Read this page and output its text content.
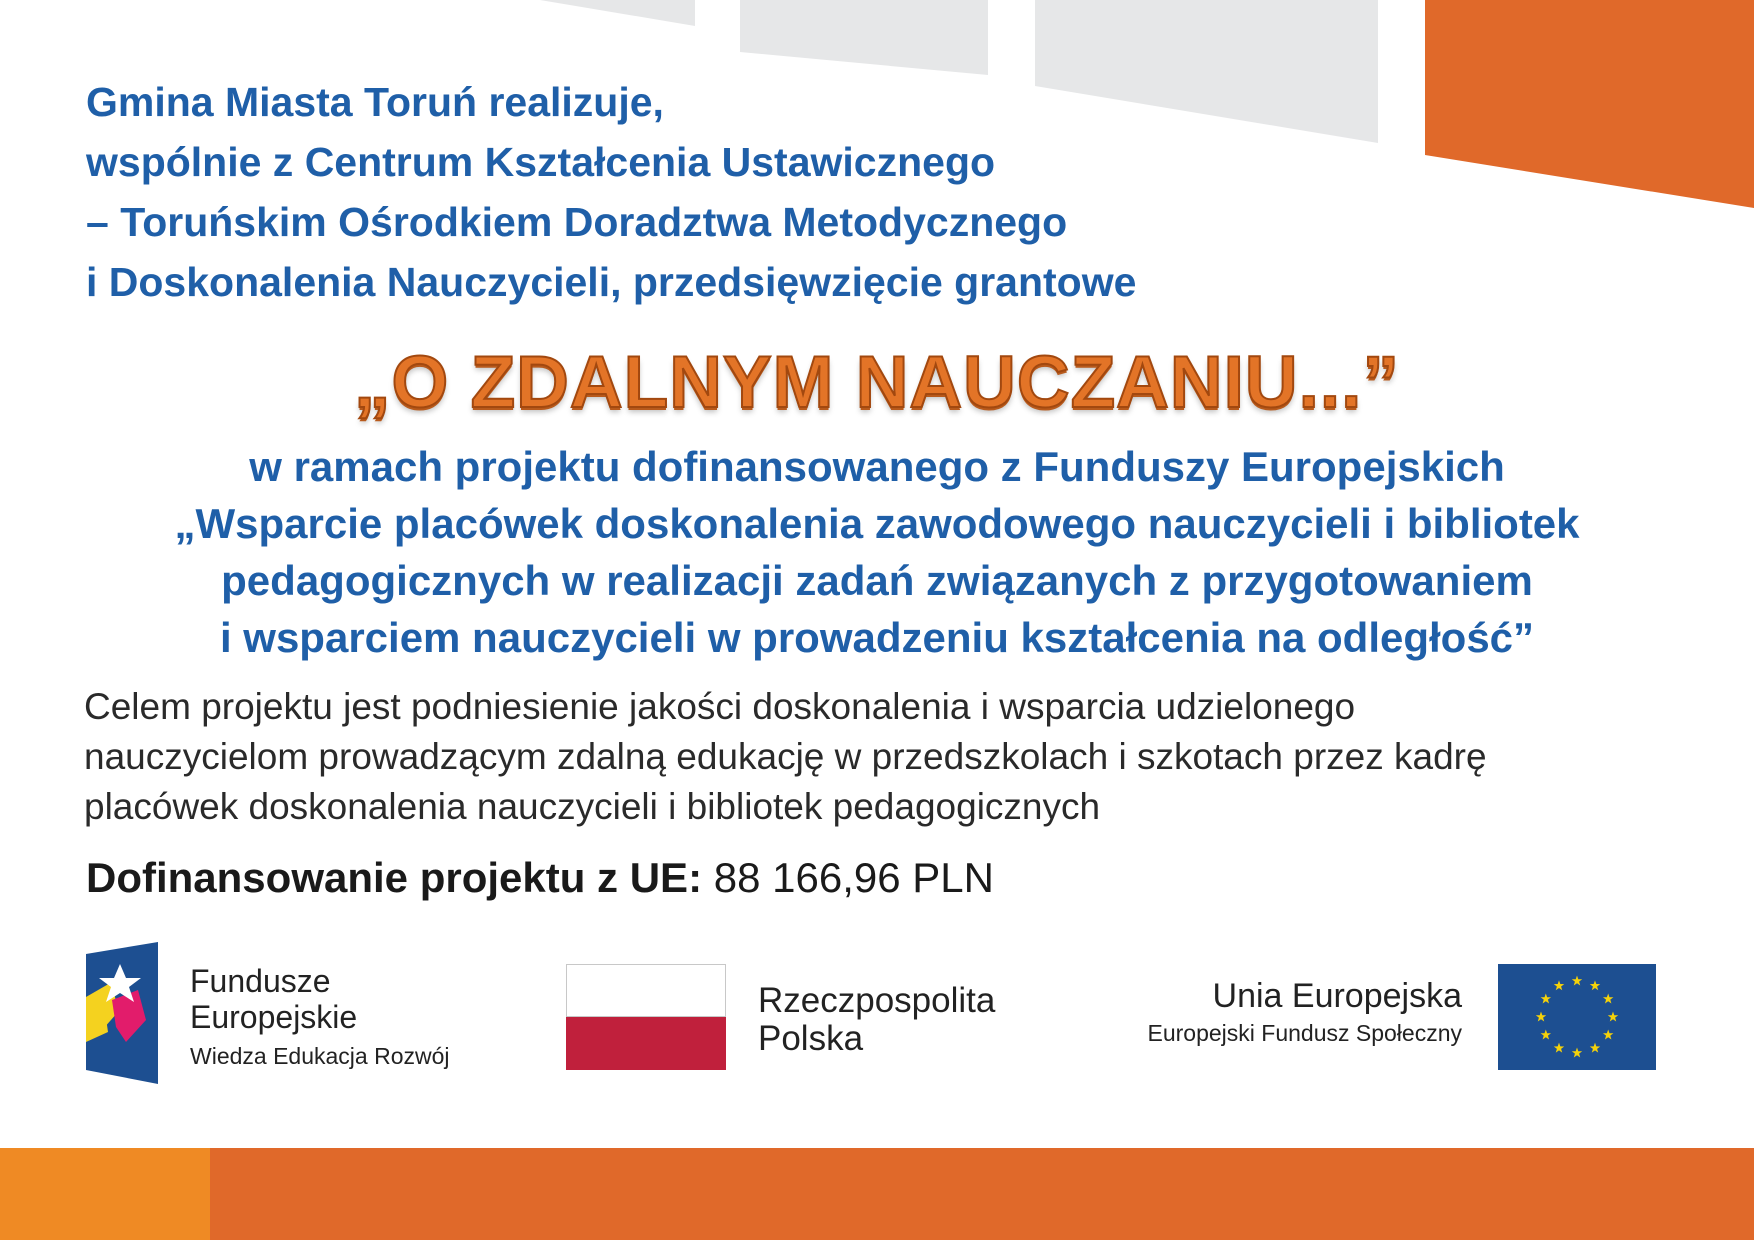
Gmina Miasta Toruń realizuje,
wspólnie z Centrum Kształcenia Ustawicznego
– Toruńskim Ośrodkiem Doradztwa Metodycznego
i Doskonalenia Nauczycieli, przedsięwzięcie grantowe
„O ZDALNYM NAUCZANIU...”
w ramach projektu dofinansowanego z Funduszy Europejskich
„Wsparcie placówek doskonalenia zawodowego nauczycieli i bibliotek
pedagogicznych w realizacji zadań związanych z przygotowaniem
i wsparciem nauczycieli w prowadzeniu kształcenia na odległość”
Celem projektu jest podniesienie jakości doskonalenia i wsparcia udzielonego
nauczycielom prowadzącym zdalną edukację w przedszkolach i szkotach przez kadrę
placówek doskonalenia nauczycieli i bibliotek pedagogicznych
Dofinansowanie projektu z UE: 88 166,96 PLN
Fundusze
Europejskie
Wiedza Edukacja Rozwój
Rzeczpospolita
Polska
Unia Europejska
Europejski Fundusz Społeczny
